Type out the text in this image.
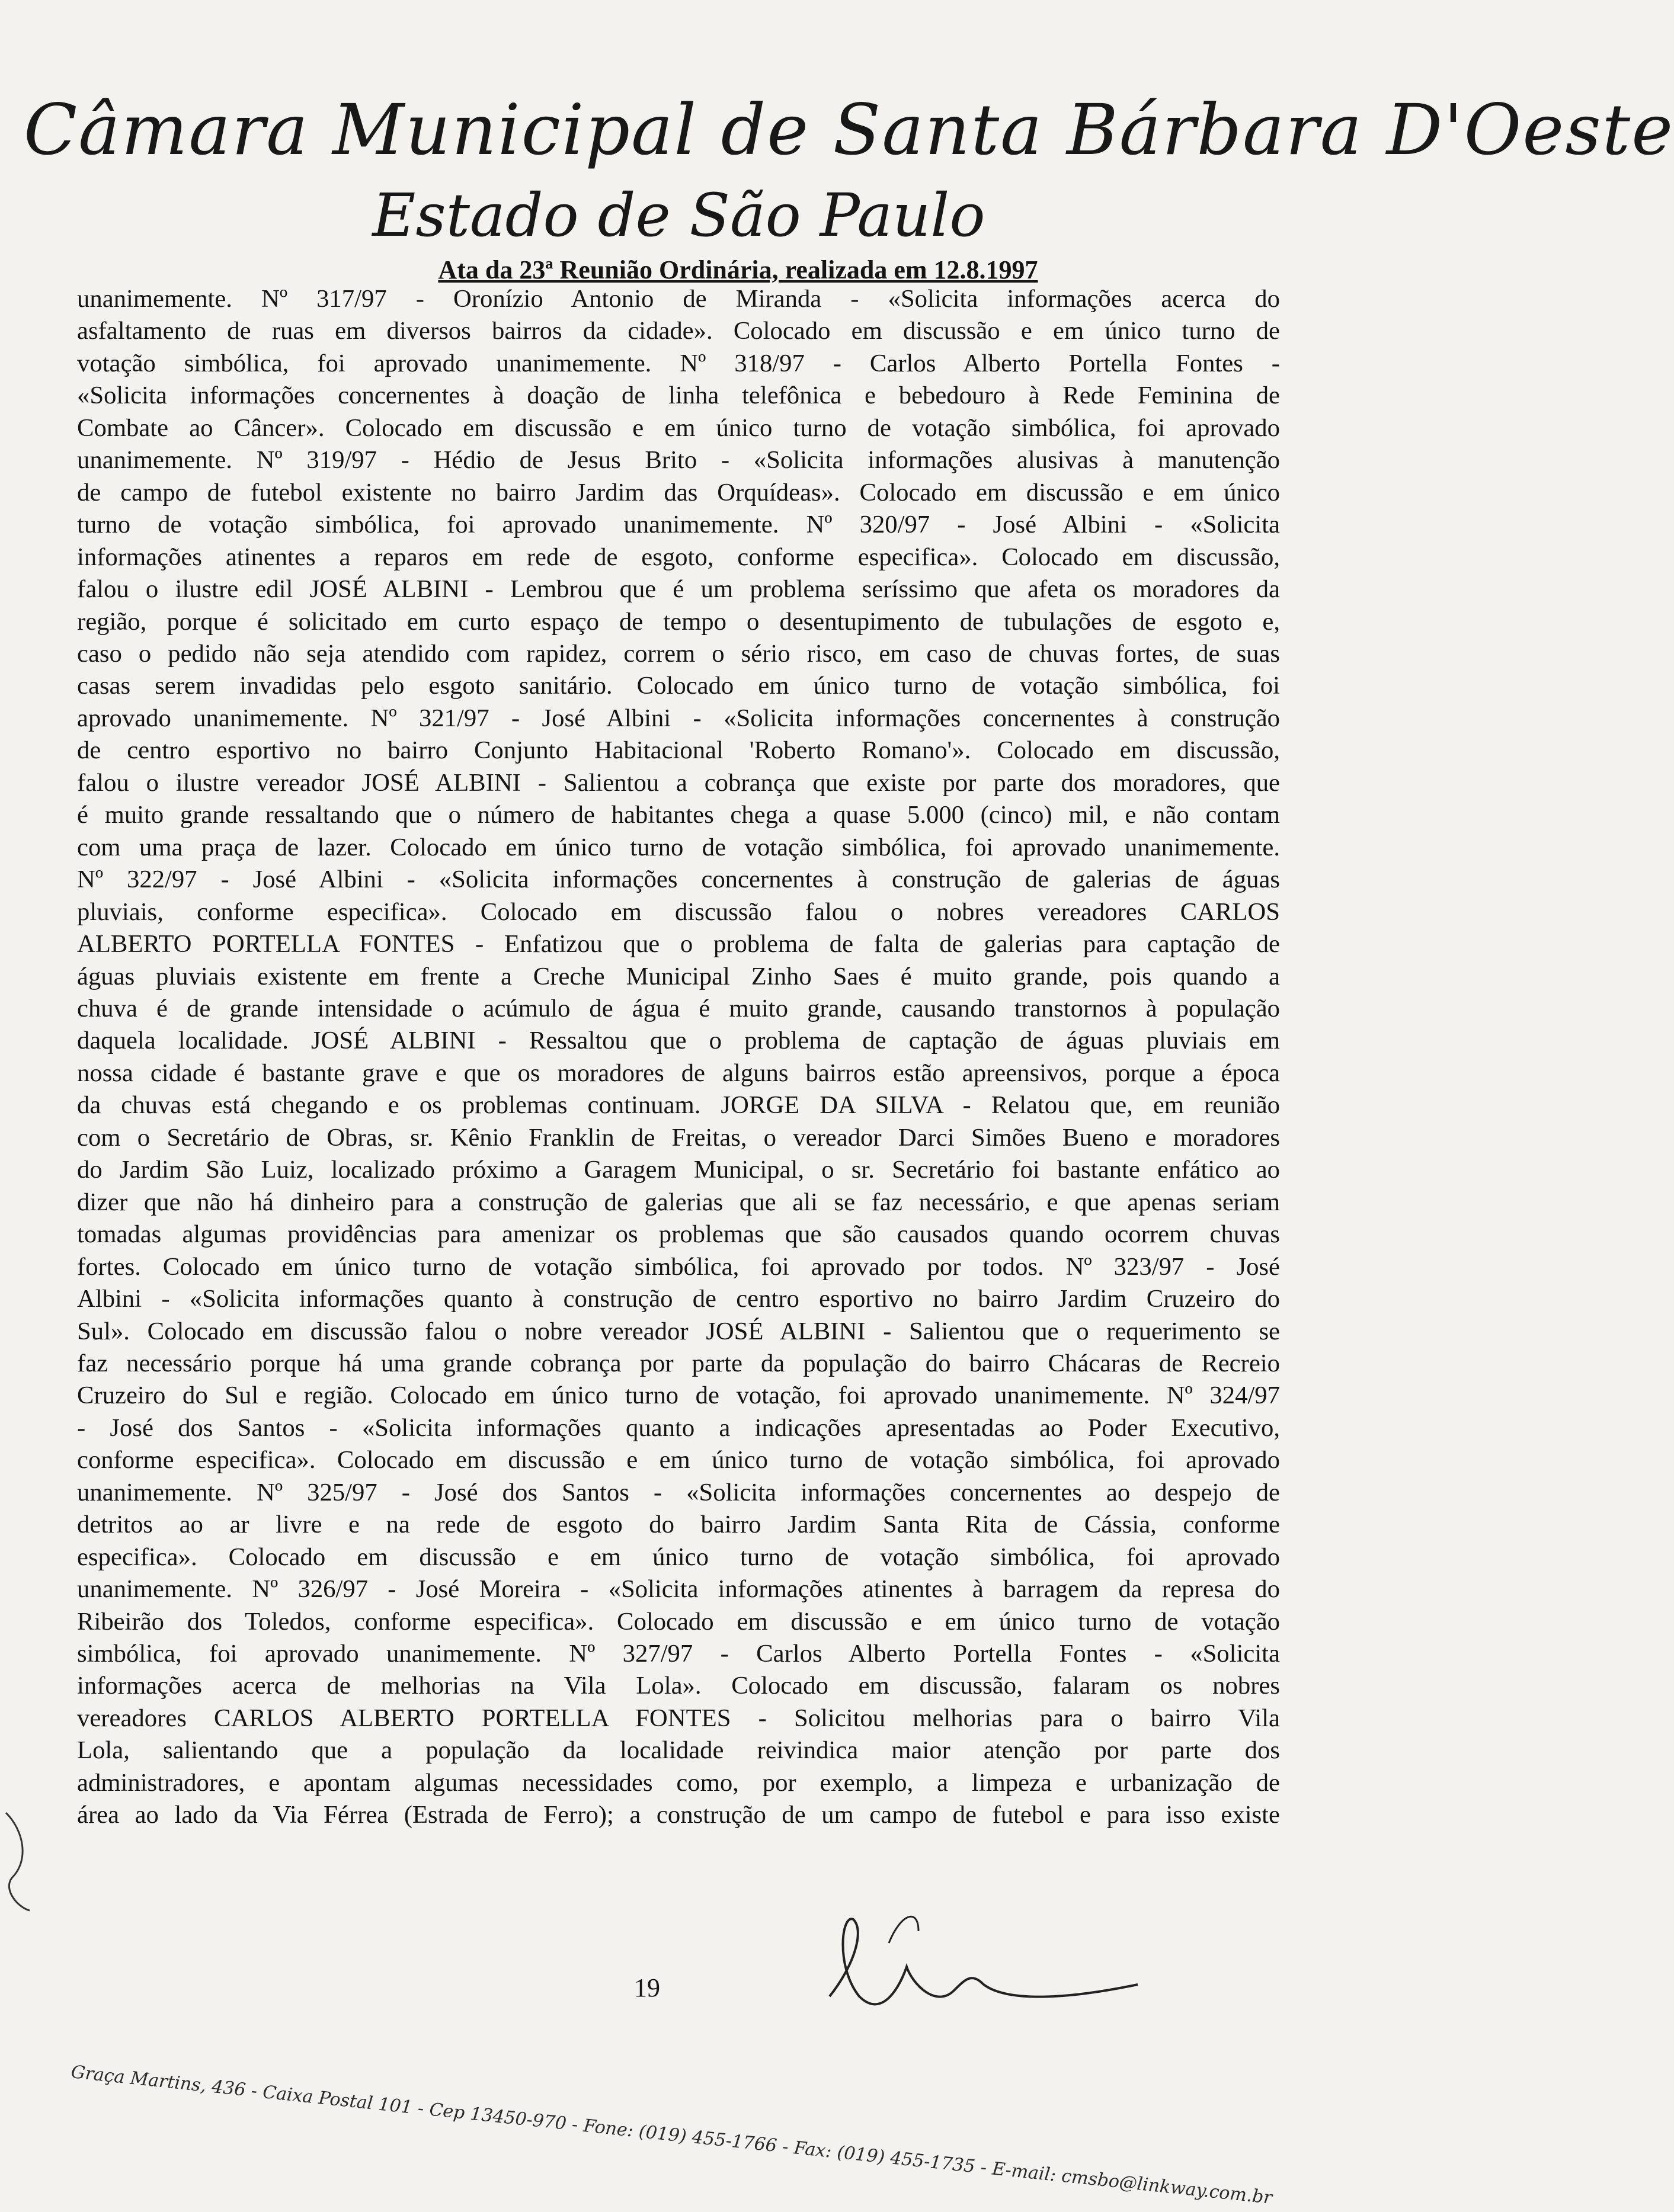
Câmara Municipal de Santa Bárbara D'Oeste
Estado de São Paulo
Ata da 23ª Reunião Ordinária, realizada em 12.8.1997
unanimemente. Nº 317/97 - Oronízio Antonio de Miranda - «Solicita informações acerca do
asfaltamento de ruas em diversos bairros da cidade». Colocado em discussão e em único turno de
votação simbólica, foi aprovado unanimemente. Nº 318/97 - Carlos Alberto Portella Fontes -
«Solicita informações concernentes à doação de linha telefônica e bebedouro à Rede Feminina de
Combate ao Câncer». Colocado em discussão e em único turno de votação simbólica, foi aprovado
unanimemente. Nº 319/97 - Hédio de Jesus Brito - «Solicita informações alusivas à manutenção
de campo de futebol existente no bairro Jardim das Orquídeas». Colocado em discussão e em único
turno de votação simbólica, foi aprovado unanimemente. Nº 320/97 - José Albini - «Solicita
informações atinentes a reparos em rede de esgoto, conforme especifica». Colocado em discussão,
falou o ilustre edil JOSÉ ALBINI - Lembrou que é um problema seríssimo que afeta os moradores da
região, porque é solicitado em curto espaço de tempo o desentupimento de tubulações de esgoto e,
caso o pedido não seja atendido com rapidez, correm o sério risco, em caso de chuvas fortes, de suas
casas serem invadidas pelo esgoto sanitário. Colocado em único turno de votação simbólica, foi
aprovado unanimemente. Nº 321/97 - José Albini - «Solicita informações concernentes à construção
de centro esportivo no bairro Conjunto Habitacional 'Roberto Romano'». Colocado em discussão,
falou o ilustre vereador JOSÉ ALBINI - Salientou a cobrança que existe por parte dos moradores, que
é muito grande ressaltando que o número de habitantes chega a quase 5.000 (cinco) mil, e não contam
com uma praça de lazer. Colocado em único turno de votação simbólica, foi aprovado unanimemente.
Nº 322/97 - José Albini - «Solicita informações concernentes à construção de galerias de águas
pluviais, conforme especifica». Colocado em discussão falou o nobres vereadores CARLOS
ALBERTO PORTELLA FONTES - Enfatizou que o problema de falta de galerias para captação de
águas pluviais existente em frente a Creche Municipal Zinho Saes é muito grande, pois quando a
chuva é de grande intensidade o acúmulo de água é muito grande, causando transtornos à população
daquela localidade. JOSÉ ALBINI - Ressaltou que o problema de captação de águas pluviais em
nossa cidade é bastante grave e que os moradores de alguns bairros estão apreensivos, porque a época
da chuvas está chegando e os problemas continuam. JORGE DA SILVA - Relatou que, em reunião
com o Secretário de Obras, sr. Kênio Franklin de Freitas, o vereador Darci Simões Bueno e moradores
do Jardim São Luiz, localizado próximo a Garagem Municipal, o sr. Secretário foi bastante enfático ao
dizer que não há dinheiro para a construção de galerias que ali se faz necessário, e que apenas seriam
tomadas algumas providências para amenizar os problemas que são causados quando ocorrem chuvas
fortes. Colocado em único turno de votação simbólica, foi aprovado por todos. Nº 323/97 - José
Albini - «Solicita informações quanto à construção de centro esportivo no bairro Jardim Cruzeiro do
Sul». Colocado em discussão falou o nobre vereador JOSÉ ALBINI - Salientou que o requerimento se
faz necessário porque há uma grande cobrança por parte da população do bairro Chácaras de Recreio
Cruzeiro do Sul e região. Colocado em único turno de votação, foi aprovado unanimemente. Nº 324/97
- José dos Santos - «Solicita informações quanto a indicações apresentadas ao Poder Executivo,
conforme especifica». Colocado em discussão e em único turno de votação simbólica, foi aprovado
unanimemente. Nº 325/97 - José dos Santos - «Solicita informações concernentes ao despejo de
detritos ao ar livre e na rede de esgoto do bairro Jardim Santa Rita de Cássia, conforme
especifica». Colocado em discussão e em único turno de votação simbólica, foi aprovado
unanimemente. Nº 326/97 - José Moreira - «Solicita informações atinentes à barragem da represa do
Ribeirão dos Toledos, conforme especifica». Colocado em discussão e em único turno de votação
simbólica, foi aprovado unanimemente. Nº 327/97 - Carlos Alberto Portella Fontes - «Solicita
informações acerca de melhorias na Vila Lola». Colocado em discussão, falaram os nobres
vereadores CARLOS ALBERTO PORTELLA FONTES - Solicitou melhorias para o bairro Vila
Lola, salientando que a população da localidade reivindica maior atenção por parte dos
administradores, e apontam algumas necessidades como, por exemplo, a limpeza e urbanização de
área ao lado da Via Férrea (Estrada de Ferro); a construção de um campo de futebol e para isso existe
19
Graça Martins, 436 - Caixa Postal 101 - Cep 13450-970 - Fone: (019) 455-1766 - Fax: (019) 455-1735 - E-mail: cmsbo@linkway.com.br
